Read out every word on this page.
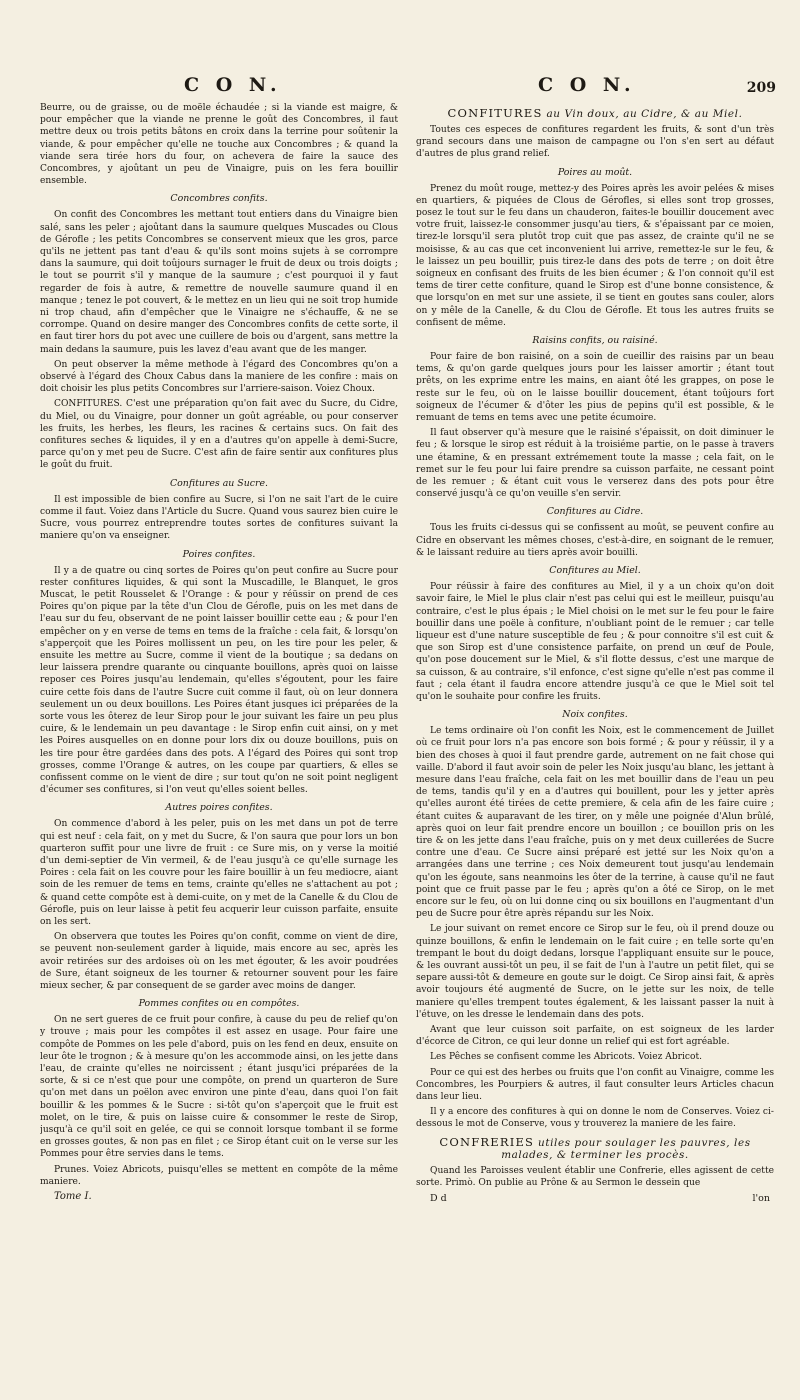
C O N.	C O N.	209

Beurre, ou de graisse, ou de moële échaudée ; si la viande est maigre, & pour empêcher que la viande ne prenne le goût des Concombres, il faut mettre deux ou trois petits bâtons en croix dans la terrine pour soûtenir la viande, & pour empêcher qu'elle ne touche aux Concombres ; & quand la viande sera tirée hors du four, on achevera de faire la sauce des Concombres, y ajoûtant un peu de Vinaigre, puis on les fera bouillir ensemble.

Concombres confits.

On confit des Concombres les mettant tout entiers dans du Vinaigre bien salé, sans les peler ; ajoûtant dans la saumure quelques Muscades ou Clous de Gérofle ; les petits Concombres se conservent mieux que les gros, parce qu'ils ne jettent pas tant d'eau & qu'ils sont moins sujets à se corrompre dans la saumure, qui doit toûjours surnager le fruit de deux ou trois doigts ; le tout se pourrit s'il y manque de la saumure ; c'est pourquoi il y faut regarder de fois à autre, & remettre de nouvelle saumure quand il en manque ; tenez le pot couvert, & le mettez en un lieu qui ne soit trop humide ni trop chaud, afin d'empêcher que le Vinaigre ne s'échauffe, & ne se corrompe. Quand on desire manger des Concombres confits de cette sorte, il en faut tirer hors du pot avec une cuillere de bois ou d'argent, sans mettre la main dedans la saumure, puis les lavez d'eau avant que de les manger.

On peut observer la même methode à l'égard des Concombres qu'on a observé à l'égard des Choux Cabus dans la maniere de les confire : mais on doit choisir les plus petits Concombres sur l'arriere-saison. Voiez Choux.

CONFITURES. C'est une préparation qu'on fait avec du Sucre, du Cidre, du Miel, ou du Vinaigre, pour donner un goût agréable, ou pour conserver les fruits, les herbes, les fleurs, les racines & certains sucs. On fait des confitures seches & liquides, il y en a d'autres qu'on appelle à demi-Sucre, parce qu'on y met peu de Sucre. C'est afin de faire sentir aux confitures plus le goût du fruit.

Confitures au Sucre.

Il est impossible de bien confire au Sucre, si l'on ne sait l'art de le cuire comme il faut. Voiez dans l'Article du Sucre. Quand vous saurez bien cuire le Sucre, vous pourrez entreprendre toutes sortes de confitures suivant la maniere qu'on va enseigner.

Poires confites.

Il y a de quatre ou cinq sortes de Poires qu'on peut confire au Sucre pour rester confitures liquides, & qui sont la Muscadille, le Blanquet, le gros Muscat, le petit Rousselet & l'Orange : & pour y réüssir on prend de ces Poires qu'on pique par la tête d'un Clou de Gérofle, puis on les met dans de l'eau sur du feu, observant de ne point laisser bouillir cette eau ; & pour l'en empêcher on y en verse de tems en tems de la fraîche : cela fait, & lorsqu'on s'apperçoit que les Poires mollissent un peu, on les tire pour les peler, & ensuite les mettre au Sucre, comme il vient de la boutique ; sa dedans on leur laissera prendre quarante ou cinquante bouillons, après quoi on laisse reposer ces Poires jusqu'au lendemain, qu'elles s'égoutent, pour les faire cuire cette fois dans de l'autre Sucre cuit comme il faut, où on leur donnera seulement un ou deux bouillons. Les Poires étant jusques ici préparées de la sorte vous les ôterez de leur Sirop pour le jour suivant les faire un peu plus cuire, & le lendemain un peu davantage : le Sirop enfin cuit ainsi, on y met les Poires ausquelles on en donne pour lors dix ou douze bouillons, puis on les tire pour être gardées dans des pots. A l'égard des Poires qui sont trop grosses, comme l'Orange & autres, on les coupe par quartiers, & elles se confissent comme on le vient de dire ; sur tout qu'on ne soit point negligent d'écumer ses confitures, si l'on veut qu'elles soient belles.

Autres poires confites.

On commence d'abord à les peler, puis on les met dans un pot de terre qui est neuf : cela fait, on y met du Sucre, & l'on saura que pour lors un bon quarteron suffit pour une livre de fruit : ce Sure mis, on y verse la moitié d'un demi-septier de Vin vermeil, & de l'eau jusqu'à ce qu'elle surnage les Poires : cela fait on les couvre pour les faire bouillir à un feu mediocre, aiant soin de les remuer de tems en tems, crainte qu'elles ne s'attachent au pot ; & quand cette compôte est à demi-cuite, on y met de la Canelle & du Clou de Gérofle, puis on leur laisse à petit feu acquerir leur cuisson parfaite, ensuite on les sert.

On observera que toutes les Poires qu'on confit, comme on vient de dire, se peuvent non-seulement garder à liquide, mais encore au sec, après les avoir retirées sur des ardoises où on les met égouter, & les avoir poudrées de Sure, étant soigneux de les tourner & retourner souvent pour les faire mieux secher, & par consequent de se garder avec moins de danger.

Pommes confites ou en compôtes.

On ne sert gueres de ce fruit pour confire, à cause du peu de relief qu'on y trouve ; mais pour les compôtes il est assez en usage. Pour faire une compôte de Pommes on les pele d'abord, puis on les fend en deux, ensuite on leur ôte le trognon ; & à mesure qu'on les accommode ainsi, on les jette dans l'eau, de crainte qu'elles ne noircissent ; étant jusqu'ici préparées de la sorte, & si ce n'est que pour une compôte, on prend un quarteron de Sure qu'on met dans un poëlon avec environ une pinte d'eau, dans quoi l'on fait bouillir & les pommes & le Sucre : si-tôt qu'on s'aperçoit que le fruit est molet, on le tire, & puis on laisse cuire & consommer le reste de Sirop, jusqu'à ce qu'il soit en gelée, ce qui se connoit lorsque tombant il se forme en grosses goutes, & non pas en filet ; ce Sirop étant cuit on le verse sur les Pommes pour être servies dans le tems.

Prunes. Voiez Abricots, puisqu'elles se mettent en compôte de la même maniere.

Tome I.
CONFITURES au Vin doux, au Cidre, & au Miel.

Toutes ces especes de confitures regardent les fruits, & sont d'un très grand secours dans une maison de campagne ou l'on s'en sert au défaut d'autres de plus grand relief.

Poires au moût.

Prenez du moût rouge, mettez-y des Poires après les avoir pelées & mises en quartiers, & piquées de Clous de Gérofles, si elles sont trop grosses, posez le tout sur le feu dans un chauderon, faites-le bouillir doucement avec votre fruit, laissez-le consommer jusqu'au tiers, & s'épaissant par ce moien, tirez-le lorsqu'il sera plutôt trop cuit que pas assez, de crainte qu'il ne se moisisse, & au cas que cet inconvenient lui arrive, remettez-le sur le feu, & le laissez un peu bouillir, puis tirez-le dans des pots de terre ; on doit être soigneux en confisant des fruits de les bien écumer ; & l'on connoit qu'il est tems de tirer cette confiture, quand le Sirop est d'une bonne consistence, & que lorsqu'on en met sur une assiete, il se tient en goutes sans couler, alors on y mêle de la Canelle, & du Clou de Gérofle. Et tous les autres fruits se confisent de même.

Raisins confits, ou raisiné.

Pour faire de bon raisiné, on a soin de cueillir des raisins par un beau tems, & qu'on garde quelques jours pour les laisser amortir ; étant tout prêts, on les exprime entre les mains, en aiant ôté les grappes, on pose le reste sur le feu, où on le laisse bouillir doucement, étant toûjours fort soigneux de l'écumer & d'ôter les pius de pepins qu'il est possible, & le remuant de tems en tems avec une petite écumoire.

Il faut observer qu'à mesure que le raisiné s'épaissit, on doit diminuer le feu ; & lorsque le sirop est réduit à la troisiéme partie, on le passe à travers une étamine, & en pressant extrémement toute la masse ; cela fait, on le remet sur le feu pour lui faire prendre sa cuisson parfaite, ne cessant point de les remuer ; & étant cuit vous le verserez dans des pots pour être conservé jusqu'à ce qu'on veuille s'en servir.

Confitures au Cidre.

Tous les fruits ci-dessus qui se confissent au moût, se peuvent confire au Cidre en observant les mêmes choses, c'est-à-dire, en soignant de le remuer, & le laissant reduire au tiers après avoir bouilli.

Confitures au Miel.

Pour réüssir à faire des confitures au Miel, il y a un choix qu'on doit savoir faire, le Miel le plus clair n'est pas celui qui est le meilleur, puisqu'au contraire, c'est le plus épais ; le Miel choisi on le met sur le feu pour le faire bouillir dans une poële à confiture, n'oubliant point de le remuer ; car telle liqueur est d'une nature susceptible de feu ; & pour connoitre s'il est cuit & que son Sirop est d'une consistence parfaite, on prend un œuf de Poule, qu'on pose doucement sur le Miel, & s'il flotte dessus, c'est une marque de sa cuisson, & au contraire, s'il enfonce, c'est signe qu'elle n'est pas comme il faut ; cela étant il faudra encore attendre jusqu'à ce que le Miel soit tel qu'on le souhaite pour confire les fruits.

Noix confites.

Le tems ordinaire où l'on confit les Noix, est le commencement de Juillet où ce fruit pour lors n'a pas encore son bois formé ; & pour y réüssir, il y a bien des choses à quoi il faut prendre garde, autrement on ne fait chose qui vaille. D'abord il faut avoir soin de peler les Noix jusqu'au blanc, les jettant à mesure dans l'eau fraîche, cela fait on les met bouillir dans de l'eau un peu de tems, tandis qu'il y en a d'autres qui bouillent, pour les y jetter après qu'elles auront été tirées de cette premiere, & cela afin de les faire cuire ; étant cuites & auparavant de les tirer, on y mêle une poignée d'Alun brûlé, après quoi on leur fait prendre encore un bouillon ; ce bouillon pris on les tire & on les jette dans l'eau fraîche, puis on y met deux cuillerées de Sucre contre une d'eau. Ce Sucre ainsi préparé est jetté sur les Noix qu'on a arrangées dans une terrine ; ces Noix demeurent tout jusqu'au lendemain qu'on les égoute, sans neanmoins les ôter de la terrine, à cause qu'il ne faut point que ce fruit passe par le feu ; après qu'on a ôté ce Sirop, on le met encore sur le feu, où on lui donne cinq ou six bouillons en l'augmentant d'un peu de Sucre pour être après répandu sur les Noix.

Le jour suivant on remet encore ce Sirop sur le feu, où il prend douze ou quinze bouillons, & enfin le lendemain on le fait cuire ; en telle sorte qu'en trempant le bout du doigt dedans, lorsque l'appliquant ensuite sur le pouce, & les ouvrant aussi-tôt un peu, il se fait de l'un à l'autre un petit filet, qui se separe aussi-tôt & demeure en goute sur le doigt. Ce Sirop ainsi fait, & après avoir toujours été augmenté de Sucre, on le jette sur les noix, de telle maniere qu'elles trempent toutes également, & les laissant passer la nuit à l'étuve, on les dresse le lendemain dans des pots.

Avant que leur cuisson soit parfaite, on est soigneux de les larder d'écorce de Citron, ce qui leur donne un relief qui est fort agréable.

Les Pêches se confisent comme les Abricots. Voiez Abricot.

Pour ce qui est des herbes ou fruits que l'on confit au Vinaigre, comme les Concombres, les Pourpiers & autres, il faut consulter leurs Articles chacun dans leur lieu.

Il y a encore des confitures à qui on donne le nom de Conserves. Voiez ci-dessous le mot de Conserve, vous y trouverez la maniere de les faire.

CONFRERIES utiles pour soulager les pauvres, les malades, & terminer les procès.

Quand les Paroisses veulent établir une Confrerie, elles agissent de cette sorte. Primò. On publie au Prône & au Sermon le dessein que

D d	l'on
